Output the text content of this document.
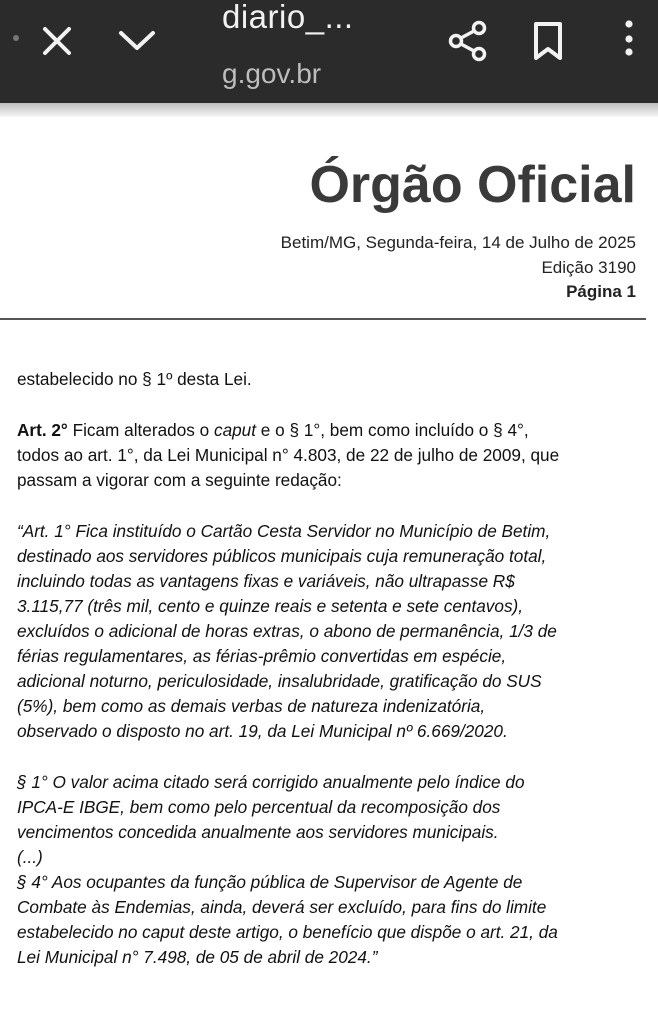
diario_...
g.gov.br
Órgão Oficial
Betim/MG, Segunda-feira, 14 de Julho de 2025
Edição 3190
Página 1

estabelecido no § 1º desta Lei.

Art. 2° Ficam alterados o caput e o § 1°, bem como incluído o § 4°,
todos ao art. 1°, da Lei Municipal n° 4.803, de 22 de julho de 2009, que
passam a vigorar com a seguinte redação:

“Art. 1° Fica instituído o Cartão Cesta Servidor no Município de Betim,
destinado aos servidores públicos municipais cuja remuneração total,
incluindo todas as vantagens fixas e variáveis, não ultrapasse R$
3.115,77 (três mil, cento e quinze reais e setenta e sete centavos),
excluídos o adicional de horas extras, o abono de permanência, 1/3 de
férias regulamentares, as férias-prêmio convertidas em espécie,
adicional noturno, periculosidade, insalubridade, gratificação do SUS
(5%), bem como as demais verbas de natureza indenizatória,
observado o disposto no art. 19, da Lei Municipal nº 6.669/2020.

§ 1° O valor acima citado será corrigido anualmente pelo índice do
IPCA-E IBGE, bem como pelo percentual da recomposição dos
vencimentos concedida anualmente aos servidores municipais.
(...)
§ 4° Aos ocupantes da função pública de Supervisor de Agente de
Combate às Endemias, ainda, deverá ser excluído, para fins do limite
estabelecido no caput deste artigo, o benefício que dispõe o art. 21, da
Lei Municipal n° 7.498, de 05 de abril de 2024.”
